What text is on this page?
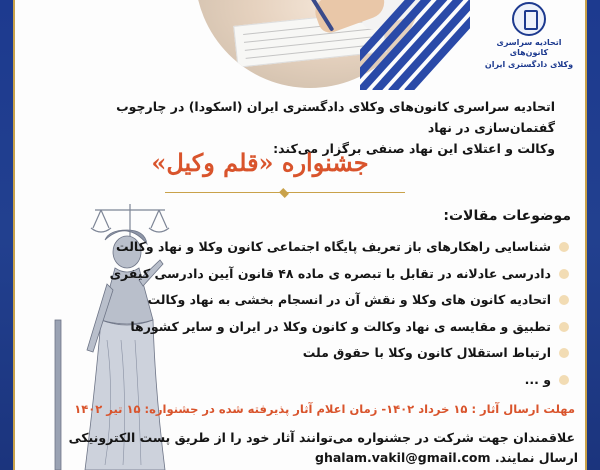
اتحادیه سراسری کانون‌های
وکلای دادگستری ایران
اتحادیه سراسری کانون‌های وکلای دادگستری ایران (اسکودا) در چارچوب گفتمان‌سازی در نهاد
وکالت و اعتلای این نهاد صنفی برگزار می‌کند:
جشنواره «قلم وکیل»
موضوعات مقالات:
شناسایی راهکارهای باز تعریف پایگاه اجتماعی کانون وکلا و نهاد وکالت
دادرسی عادلانه در تقابل با تبصره ی ماده ۴۸ قانون آیین دادرسی کیفری
اتحادیه کانون های وکلا و نقش آن در انسجام بخشی به نهاد وکالت
تطبیق و مقایسه ی نهاد وکالت و کانون وکلا در ایران و سایر کشورها
ارتباط استقلال کانون وکلا با حقوق ملت
و ...
مهلت ارسال آثار : ۱۵ خرداد ۱۴۰۲- زمان اعلام آثار پذیرفته شده در جشنواره: ۱۵ تیر ۱۴۰۲
علاقمندان جهت شرکت در جشنواره می‌توانند آثار خود را از طریق پست الکترونیکی
ghalam.vakil@gmail.com ارسال نمایند.
